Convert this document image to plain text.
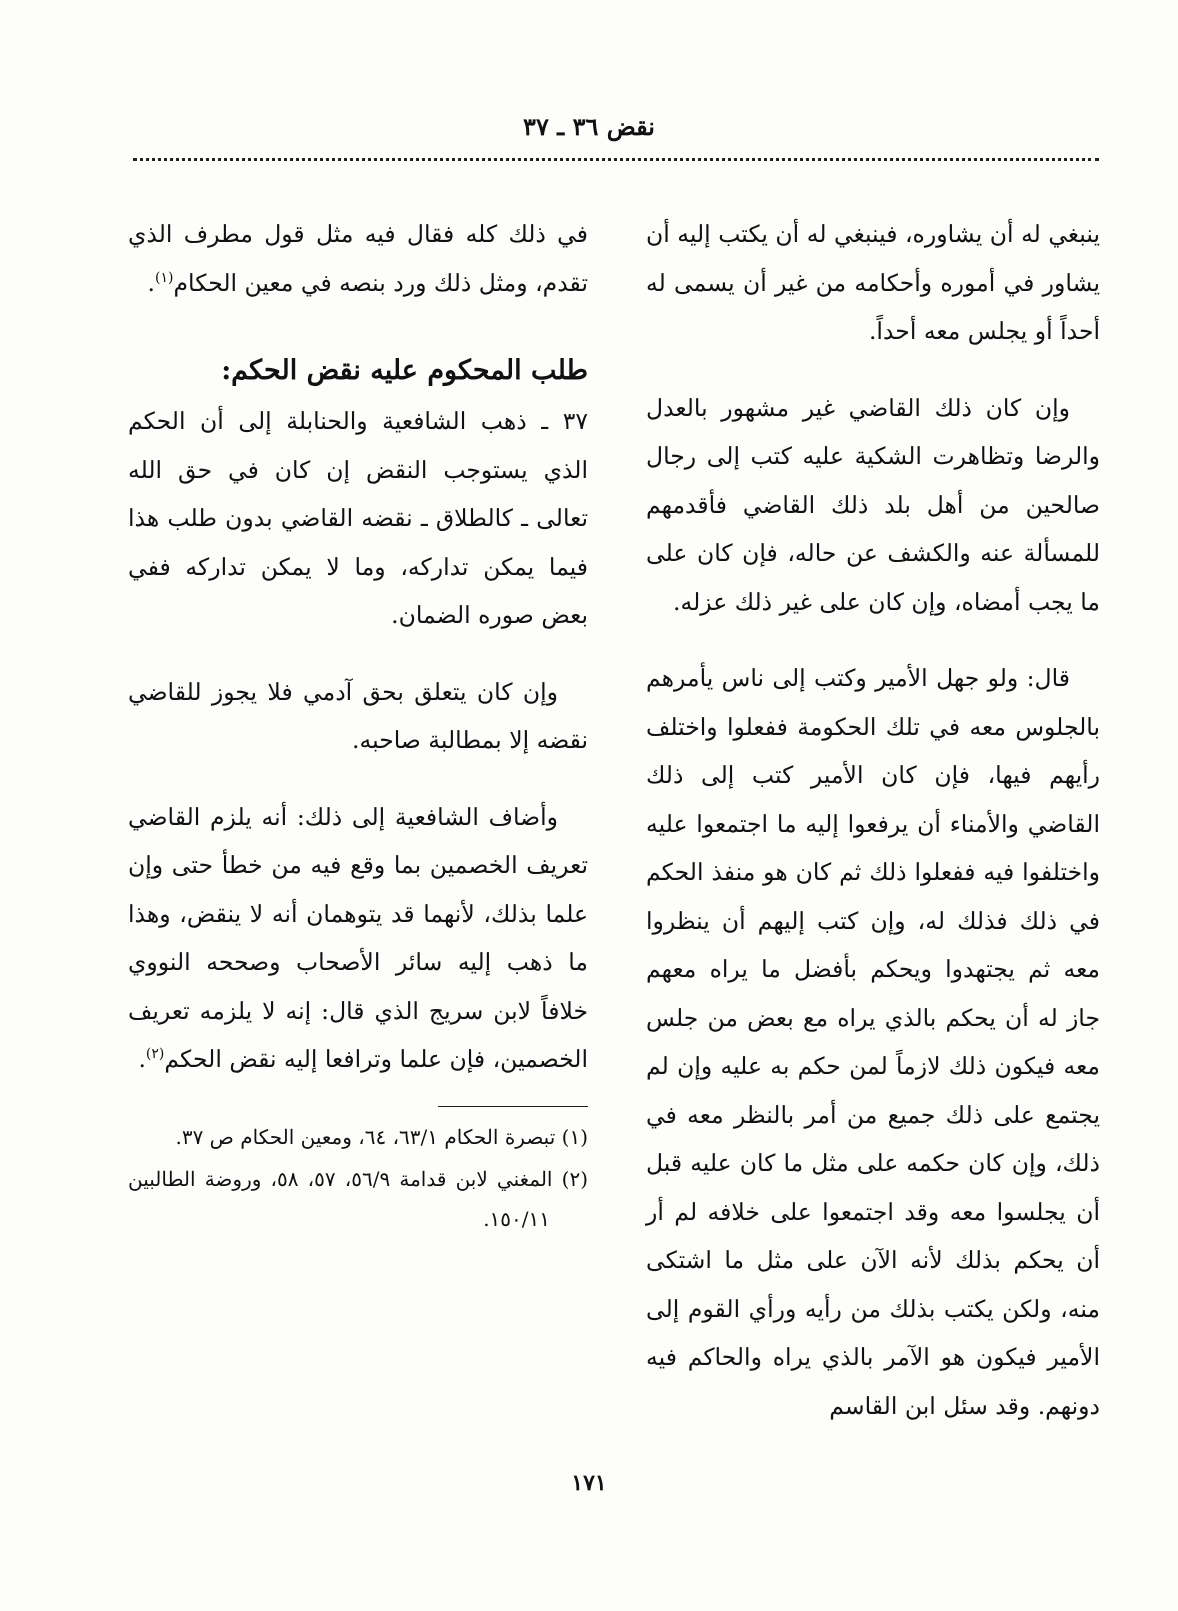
نقض ٣٦ ـ ٣٧

ينبغي له أن يشاوره، فينبغي له أن يكتب إليه أن يشاور في أموره وأحكامه من غير أن يسمى له أحداً أو يجلس معه أحداً.

وإن كان ذلك القاضي غير مشهور بالعدل والرضا وتظاهرت الشكية عليه كتب إلى رجال صالحين من أهل بلد ذلك القاضي فأقدمهم للمسألة عنه والكشف عن حاله، فإن كان على ما يجب أمضاه، وإن كان على غير ذلك عزله.

قال: ولو جهل الأمير وكتب إلى ناس يأمرهم بالجلوس معه في تلك الحكومة ففعلوا واختلف رأيهم فيها، فإن كان الأمير كتب إلى ذلك القاضي والأمناء أن يرفعوا إليه ما اجتمعوا عليه واختلفوا فيه ففعلوا ذلك ثم كان هو منفذ الحكم في ذلك فذلك له، وإن كتب إليهم أن ينظروا معه ثم يجتهدوا ويحكم بأفضل ما يراه معهم جاز له أن يحكم بالذي يراه مع بعض من جلس معه فيكون ذلك لازماً لمن حكم به عليه وإن لم يجتمع على ذلك جميع من أمر بالنظر معه في ذلك، وإن كان حكمه على مثل ما كان عليه قبل أن يجلسوا معه وقد اجتمعوا على خلافه لم أر أن يحكم بذلك لأنه الآن على مثل ما اشتكى منه، ولكن يكتب بذلك من رأيه ورأي القوم إلى الأمير فيكون هو الآمر بالذي يراه والحاكم فيه دونهم. وقد سئل ابن القاسم

في ذلك كله فقال فيه مثل قول مطرف الذي تقدم، ومثل ذلك ورد بنصه في معين الحكام$^{(١)}$.

طلب المحكوم عليه نقض الحكم:

٣٧ ـ ذهب الشافعية والحنابلة إلى أن الحكم الذي يستوجب النقض إن كان في حق الله تعالى ـ كالطلاق ـ نقضه القاضي بدون طلب هذا فيما يمكن تداركه، وما لا يمكن تداركه ففي بعض صوره الضمان.

وإن كان يتعلق بحق آدمي فلا يجوز للقاضي نقضه إلا بمطالبة صاحبه.

وأضاف الشافعية إلى ذلك: أنه يلزم القاضي تعريف الخصمين بما وقع فيه من خطأ حتى وإن علما بذلك، لأنهما قد يتوهمان أنه لا ينقض، وهذا ما ذهب إليه سائر الأصحاب وصححه النووي خلافاً لابن سريج الذي قال: إنه لا يلزمه تعريف الخصمين، فإن علما وترافعا إليه نقض الحكم$^{(٢)}$.

(١) تبصرة الحكام ٦٣/١، ٦٤، ومعين الحكام ص ٣٧.

(٢) المغني لابن قدامة ٥٦/٩، ٥٧، ٥٨، وروضة الطالبين ١٥٠/١١.

١٧١
